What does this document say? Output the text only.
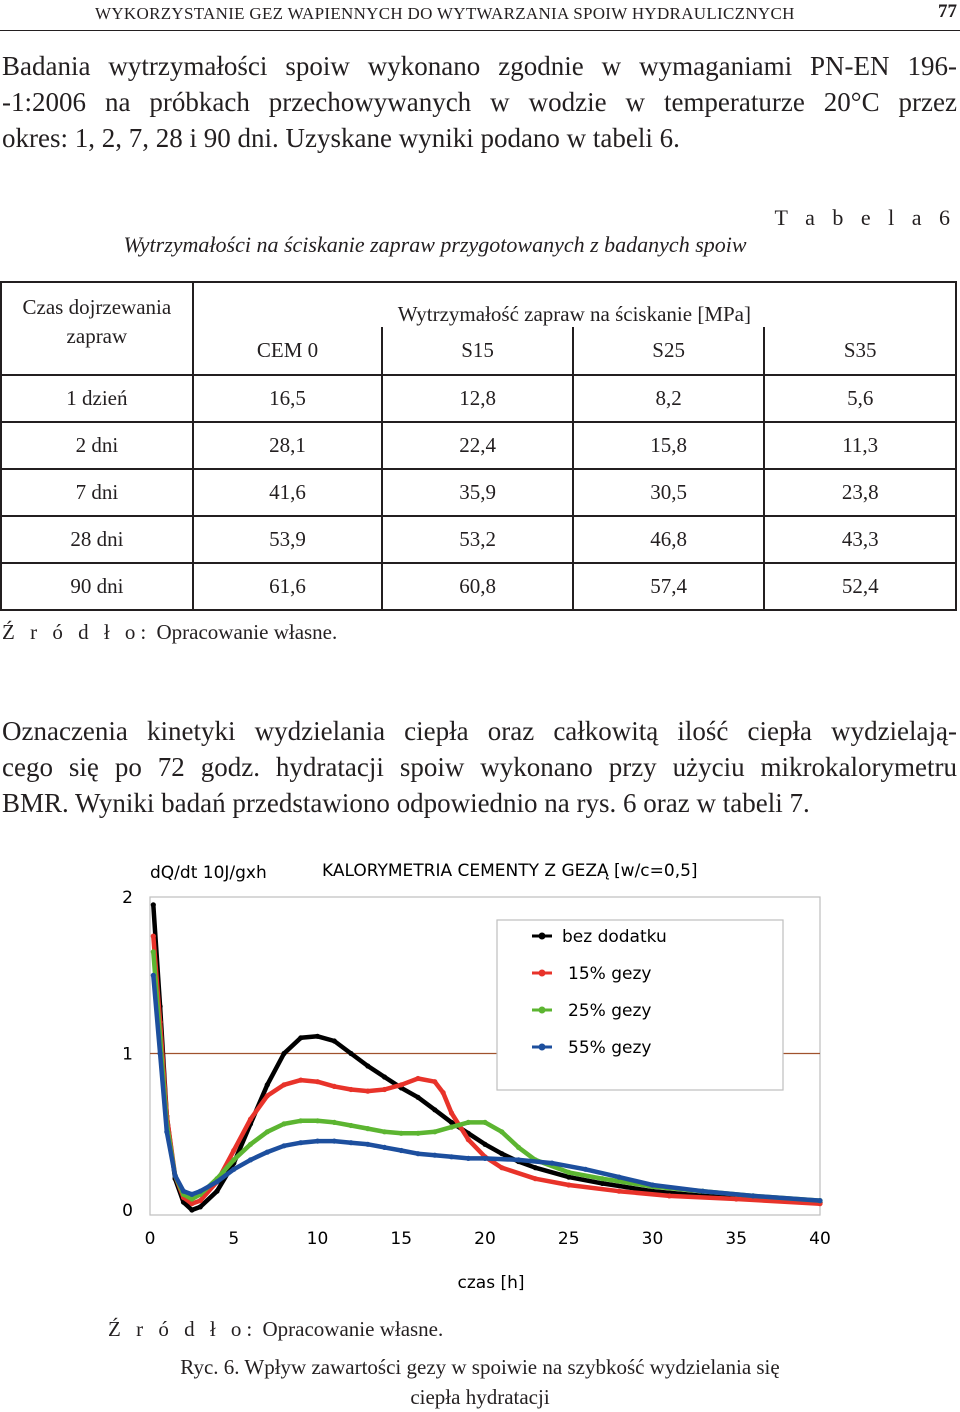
WYKORZYSTANIE GEZ WAPIENNYCH DO WYTWARZANIA SPOIW HYDRAULICZNYCH	77
Badania wytrzymałości spoiw wykonano zgodnie w wymaganiami PN-EN 196-
-1:2006 na próbkach przechowywanych w wodzie w temperaturze 20°C przez
okres: 1, 2, 7, 28 i 90 dni. Uzyskane wyniki podano w tabeli 6.
T a b e l a 6
Wytrzymałości na ściskanie zapraw przygotowanych z badanych spoiw
Czas dojrzewania zapraw	Wytrzymałość zapraw na ściskanie [MPa]			
	CEM 0	S15	S25	S35
1 dzień	16,5	12,8	8,2	5,6
2 dni	28,1	22,4	15,8	11,3
7 dni	41,6	35,9	30,5	23,8
28 dni	53,9	53,2	46,8	43,3
90 dni	61,6	60,8	57,4	52,4
Ź r ó d ł o: Opracowanie własne.
Oznaczenia kinetyki wydzielania ciepła oraz całkowitą ilość ciepła wydzielają-
cego się po 72 godz. hydratacji spoiw wykonano przy użyciu mikrokalorymetru
BMR. Wyniki badań przedstawiono odpowiednio na rys. 6 oraz w tabeli 7.
dQ/dt 10J/gxh	KALORYMETRIA CEMENTY Z GEZĄ [w/c=0,5]
0
1
2
0	5	10	15	20	25	30	35	40
czas [h]
bez dodatku
15% gezy
25% gezy
55% gezy
Ź r ó d ł o: Opracowanie własne.
Ryc. 6. Wpływ zawartości gezy w spoiwie na szybkość wydzielania się
ciepła hydratacji
